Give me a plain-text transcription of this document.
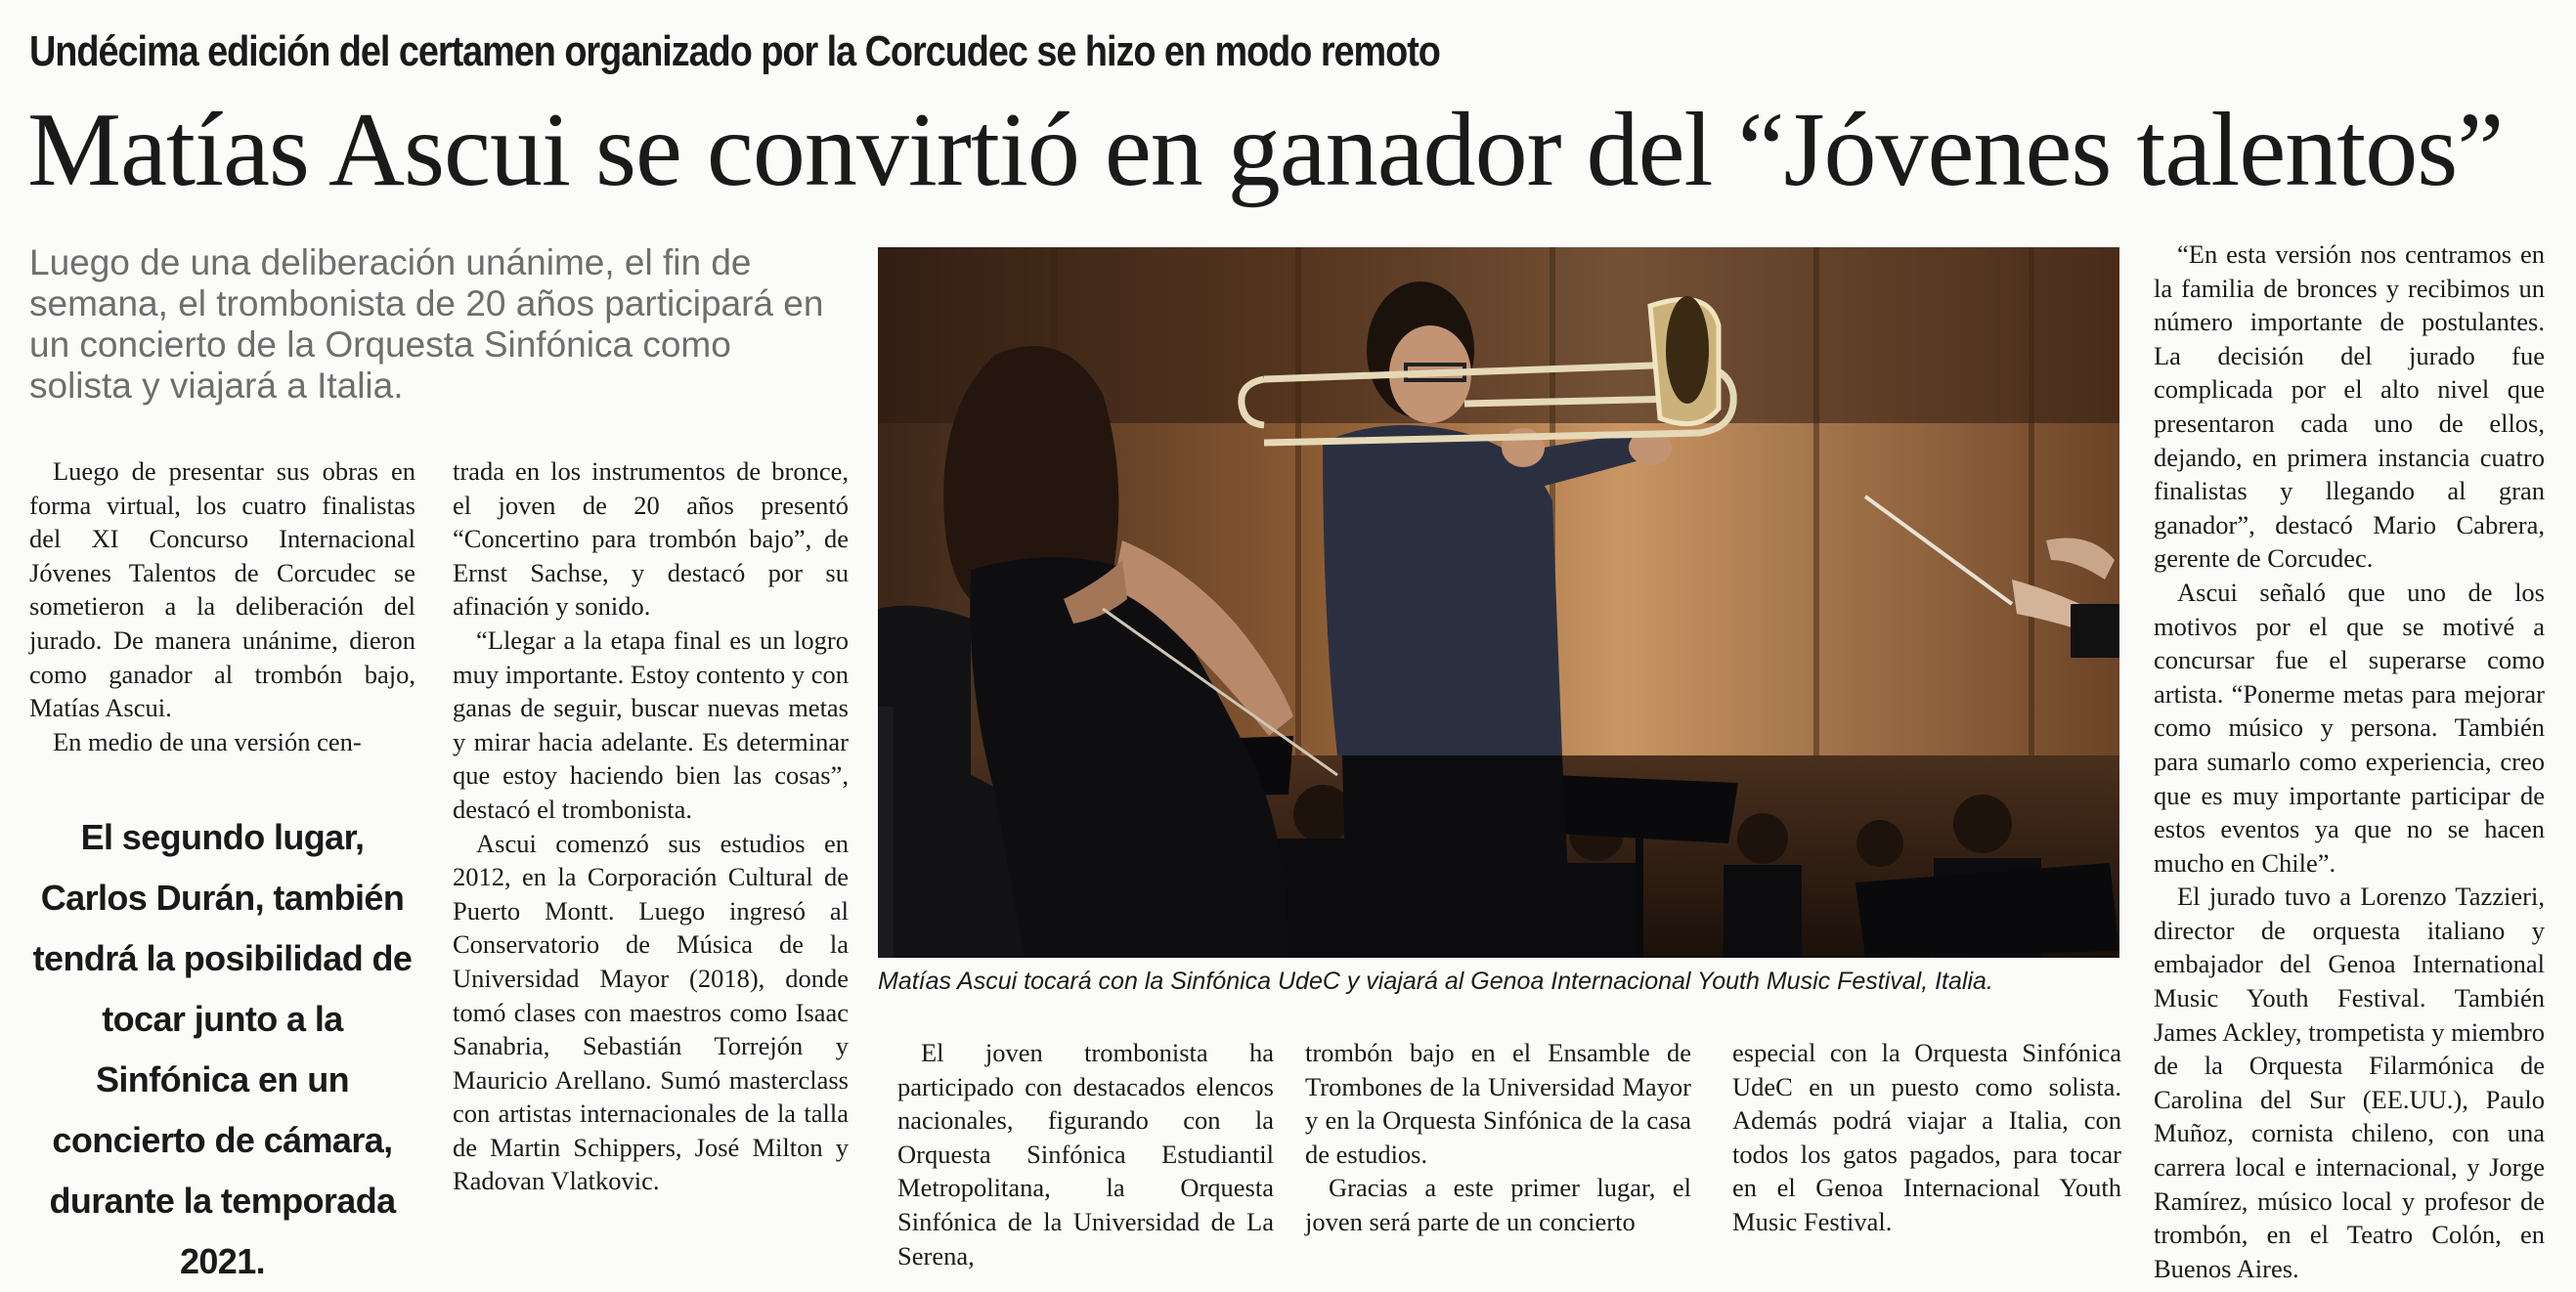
Undécima edición del certamen organizado por la Corcudec se hizo en modo remoto
Matías Ascui se convirtió en ganador del “Jóvenes talentos”
Luego de una deliberación unánime, el fin de semana, el trombonista de 20 años participará en un concierto de la Orquesta Sinfónica como solista y viajará a Italia.

Luego de presentar sus obras en forma virtual, los cuatro finalistas del XI Concurso Internacional Jóvenes Talentos de Corcudec se sometieron a la deliberación del jurado. De manera unánime, dieron como ganador al trombón bajo, Matías Ascui.

En medio de una versión cen-

El segundo lugar, Carlos Durán, también tendrá la posibilidad de tocar junto a la Sinfónica en un concierto de cámara, durante la temporada 2021.

trada en los instrumentos de bronce, el joven de 20 años presentó “Concertino para trombón bajo”, de Ernst Sachse, y destacó por su afinación y sonido.

“Llegar a la etapa final es un logro muy importante. Estoy contento y con ganas de seguir, buscar nuevas metas y mirar hacia adelante. Es determinar que estoy haciendo bien las cosas”, destacó el trombonista.

Ascui comenzó sus estudios en 2012, en la Corporación Cultural de Puerto Montt. Luego ingresó al Conservatorio de Música de la Universidad Mayor (2018), donde tomó clases con maestros como Isaac Sanabria, Sebastián Torrejón y Mauricio Arellano. Sumó masterclass con artistas internacionales de la talla de Martin Schippers, José Milton y Radovan Vlatkovic.

Matías Ascui tocará con la Sinfónica UdeC y viajará al Genoa Internacional Youth Music Festival, Italia.

El joven trombonista ha participado con destacados elencos nacionales, figurando con la Orquesta Sinfónica Estudiantil Metropolitana, la Orquesta Sinfónica de la Universidad de La Serena,

trombón bajo en el Ensamble de Trombones de la Universidad Mayor y en la Orquesta Sinfónica de la casa de estudios.

Gracias a este primer lugar, el joven será parte de un concierto

especial con la Orquesta Sinfónica UdeC en un puesto como solista. Además podrá viajar a Italia, con todos los gatos pagados, para tocar en el Genoa Internacional Youth Music Festival.

“En esta versión nos centramos en la familia de bronces y recibimos un número importante de postulantes. La decisión del jurado fue complicada por el alto nivel que presentaron cada uno de ellos, dejando, en primera instancia cuatro finalistas y llegando al gran ganador”, destacó Mario Cabrera, gerente de Corcudec.

Ascui señaló que uno de los motivos por el que se motivé a concursar fue el superarse como artista. “Ponerme metas para mejorar como músico y persona. También para sumarlo como experiencia, creo que es muy importante participar de estos eventos ya que no se hacen mucho en Chile”.

El jurado tuvo a Lorenzo Tazzieri, director de orquesta italiano y embajador del Genoa International Music Youth Festival. También James Ackley, trompetista y miembro de la Orquesta Filarmónica de Carolina del Sur (EE.UU.), Paulo Muñoz, cornista chileno, con una carrera local e internacional, y Jorge Ramírez, músico local y profesor de trombón, en el Teatro Colón, en Buenos Aires.
